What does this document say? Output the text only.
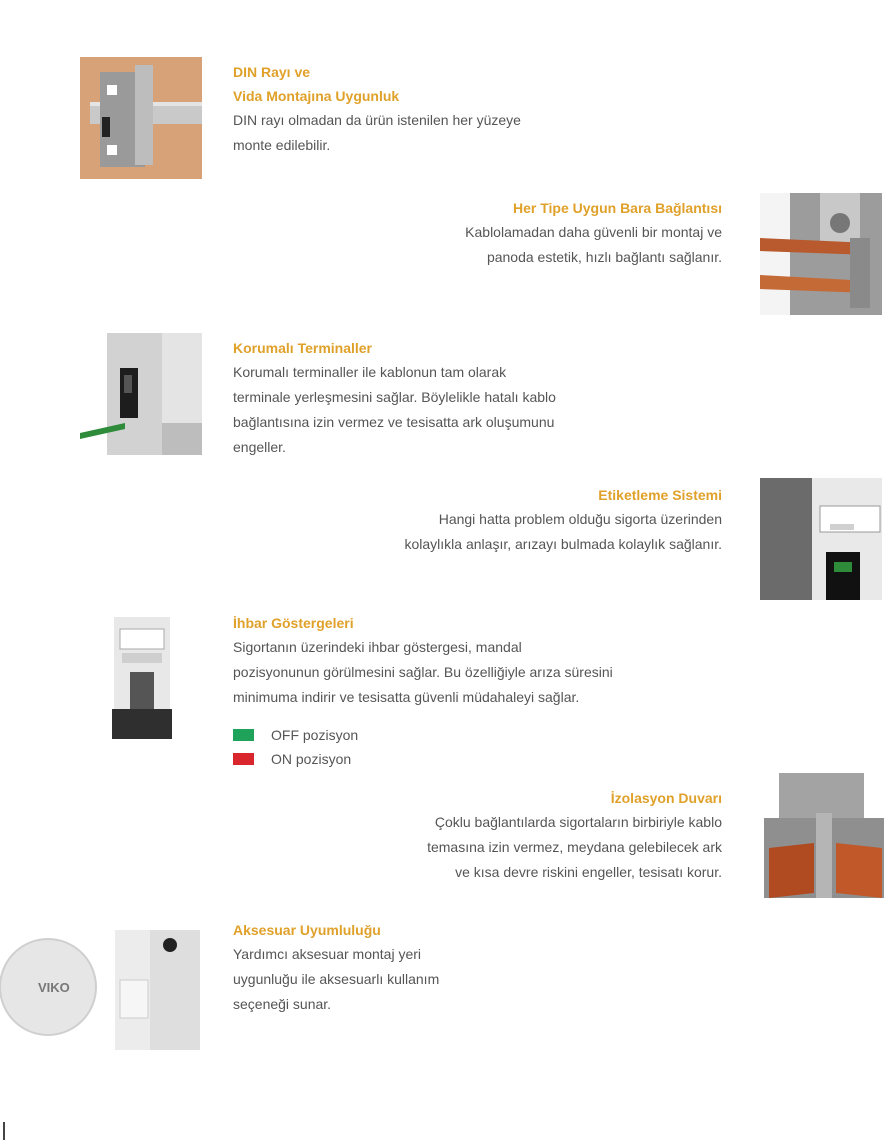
DIN Rayı ve
Vida Montajına Uygunluk
DIN rayı olmadan da ürün istenilen her yüzeye
monte edilebilir.
Her Tipe Uygun Bara Bağlantısı
Kablolamadan daha güvenli bir montaj ve
panoda estetik, hızlı bağlantı sağlanır.
Korumalı Terminaller
Korumalı terminaller ile kablonun tam olarak
terminale yerleşmesini sağlar. Böylelikle hatalı kablo
bağlantısına izin vermez ve tesisatta ark oluşumunu
engeller.
Etiketleme Sistemi
Hangi hatta problem olduğu sigorta üzerinden
kolaylıkla anlaşır, arızayı bulmada kolaylık sağlanır.
İhbar Göstergeleri
Sigortanın üzerindeki ihbar göstergesi, mandal
pozisyonunun görülmesini sağlar. Bu özelliğiyle arıza süresini
minimuma indirir ve tesisatta güvenli müdahaleyi sağlar.
OFF pozisyon
ON pozisyon
İzolasyon Duvarı
Çoklu bağlantılarda sigortaların birbiriyle kablo
temasına izin vermez, meydana gelebilecek ark
ve kısa devre riskini engeller, tesisatı korur.
VIKO
Aksesuar Uyumluluğu
Yardımcı aksesuar montaj yeri
uygunluğu ile aksesuarlı kullanım
seçeneği sunar.
